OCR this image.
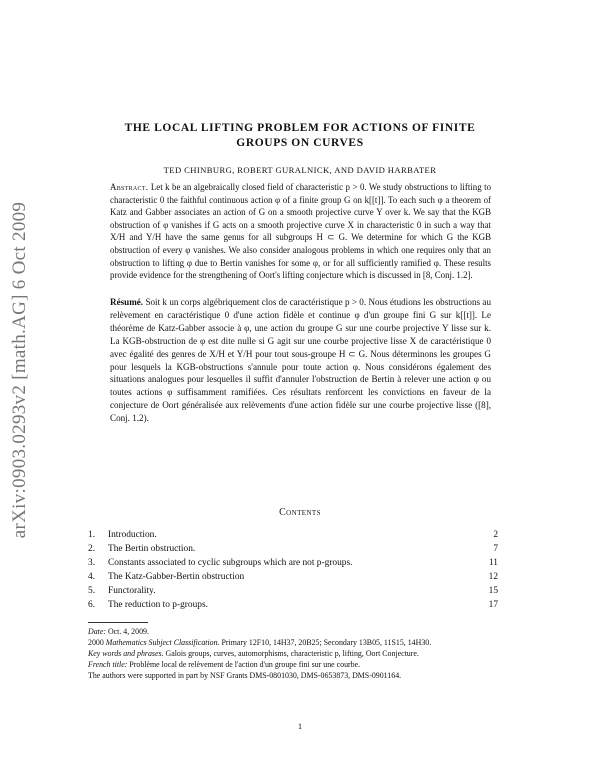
arXiv:0903.0293v2 [math.AG] 6 Oct 2009
THE LOCAL LIFTING PROBLEM FOR ACTIONS OF FINITE
GROUPS ON CURVES
TED CHINBURG, ROBERT GURALNICK, AND DAVID HARBATER
Abstract. Let k be an algebraically closed field of characteristic p > 0. We study obstructions to lifting to characteristic 0 the faithful continuous action φ of a finite group G on k[[t]]. To each such φ a theorem of Katz and Gabber associates an action of G on a smooth projective curve Y over k. We say that the KGB obstruction of φ vanishes if G acts on a smooth projective curve X in characteristic 0 in such a way that X/H and Y/H have the same genus for all subgroups H ⊂ G. We determine for which G the KGB obstruction of every φ vanishes. We also consider analogous problems in which one requires only that an obstruction to lifting φ due to Bertin vanishes for some φ, or for all sufficiently ramified φ. These results provide evidence for the strengthening of Oort's lifting conjecture which is discussed in [8, Conj. 1.2].
Résumé. Soit k un corps algébriquement clos de caractéristique p > 0. Nous étudions les obstructions au relèvement en caractéristique 0 d'une action fidèle et continue φ d'un groupe fini G sur k[[t]]. Le théorème de Katz-Gabber associe à φ, une action du groupe G sur une courbe projective Y lisse sur k. La KGB-obstruction de φ est dite nulle si G agit sur une courbe projective lisse X de caractéristique 0 avec égalité des genres de X/H et Y/H pour tout sous-groupe H ⊂ G. Nous déterminons les groupes G pour lesquels la KGB-obstructions s'annule pour toute action φ. Nous considérons également des situations analogues pour lesquelles il suffit d'annuler l'obstruction de Bertin à relever une action φ ou toutes actions φ suffisamment ramifiées. Ces résultats renforcent les convictions en faveur de la conjecture de Oort généralisée aux relèvements d'une action fidèle sur une courbe projective lisse ([8], Conj. 1.2).
Contents
1.	Introduction.	2
2.	The Bertin obstruction.	7
3.	Constants associated to cyclic subgroups which are not p-groups.	11
4.	The Katz-Gabber-Bertin obstruction	12
5.	Functorality.	15
6.	The reduction to p-groups.	17

Date: Oct. 4, 2009.

2000 Mathematics Subject Classification. Primary 12F10, 14H37, 20B25; Secondary 13B05, 11S15, 14H30.

Key words and phrases. Galois groups, curves, automorphisms, characteristic p, lifting, Oort Conjecture.

French title: Problème local de relèvement de l'action d'un groupe fini sur une courbe.

The authors were supported in part by NSF Grants DMS-0801030, DMS-0653873, DMS-0901164.

1
